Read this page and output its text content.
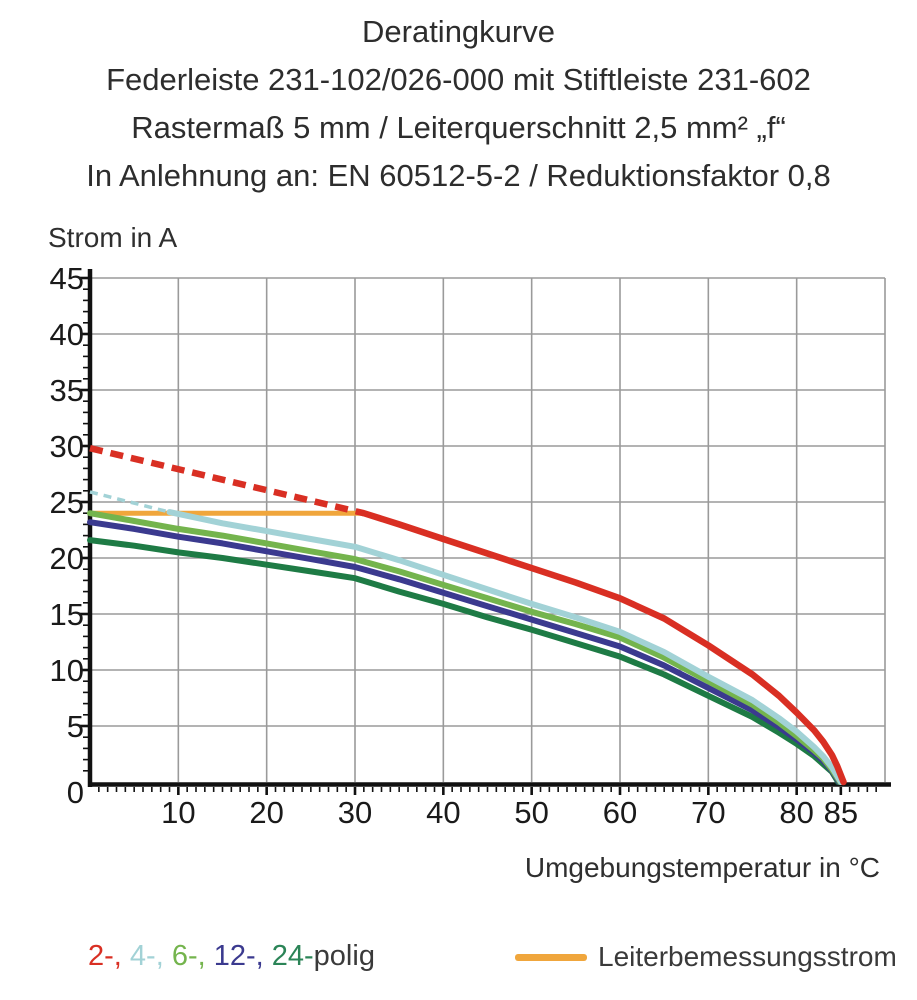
Deratingkurve
Federleiste 231-102/026-000 mit Stiftleiste 231-602
Rastermaß 5 mm / Leiterquerschnitt 2,5 mm² „f“
In Anlehnung an: EN 60512-5-2 / Reduktionsfaktor 0,8
10 20 30 40 50 60 70 80 85
5
10
15
20
25
30
35
40
45
Strom in A
Umgebungstemperatur in °C
0
2-, 4-, 6-, 12-, 24-polig	Leiterbemessungsstrom
